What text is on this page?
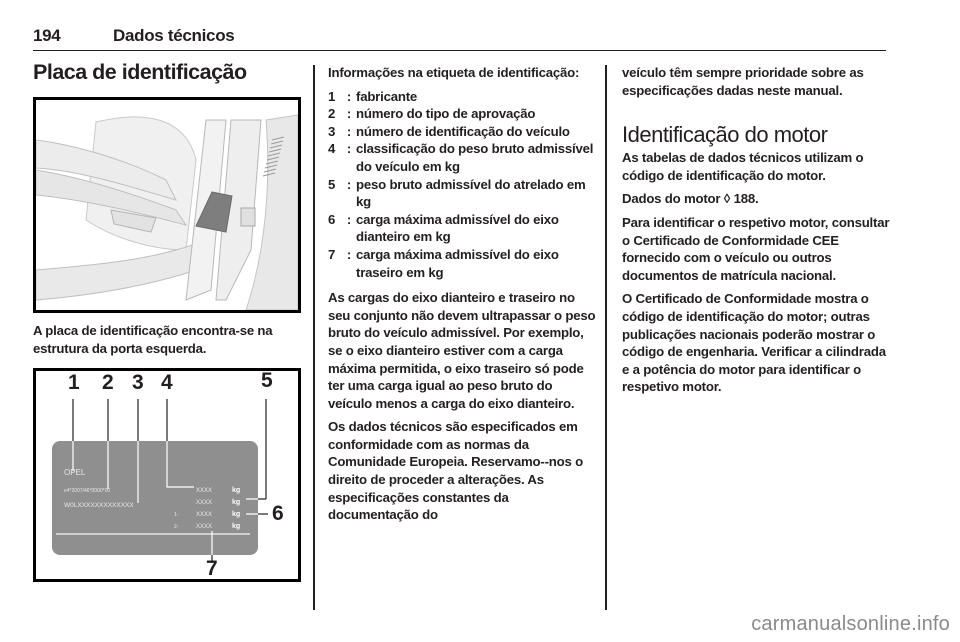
194	Dados técnicos
Placa de identificação

A placa de identificação encontra-se na estrutura da porta esquerda.

OPEL
e4*2007/46*0000*00
W0LXXXXXXXXXXXXX
XXXX
XXXX
XXXX
XXXX
1-
2-
kg
kg
kg
kg
1 2 3 4	5
6
7

Informações na etiqueta de identificação:

1 : fabricante
2 : número do tipo de aprovação
3 : número de identificação do veículo
4 : classificação do peso bruto admissível do veículo em kg
5 : peso bruto admissível do atrelado em kg
6 : carga máxima admissível do eixo dianteiro em kg
7 : carga máxima admissível do eixo traseiro em kg

As cargas do eixo dianteiro e traseiro no seu conjunto não devem ultrapassar o peso bruto do veículo admissível. Por exemplo, se o eixo dianteiro estiver com a carga máxima permitida, o eixo traseiro só pode ter uma carga igual ao peso bruto do veículo menos a carga do eixo dianteiro.

Os dados técnicos são especificados em conformidade com as normas da Comunidade Europeia. Reservamo--nos o direito de proceder a alterações. As especificações constantes da documentação do

veículo têm sempre prioridade sobre as especificações dadas neste manual.

Identificação do motor

As tabelas de dados técnicos utilizam o código de identificação do motor.

Dados do motor ◊ 188.

Para identificar o respetivo motor, consultar o Certificado de Conformidade CEE fornecido com o veículo ou outros documentos de matrícula nacional.

O Certificado de Conformidade mostra o código de identificação do motor; outras publicações nacionais poderão mostrar o código de engenharia. Verificar a cilindrada e a potência do motor para identificar o respetivo motor.

carmanualsonline.info
